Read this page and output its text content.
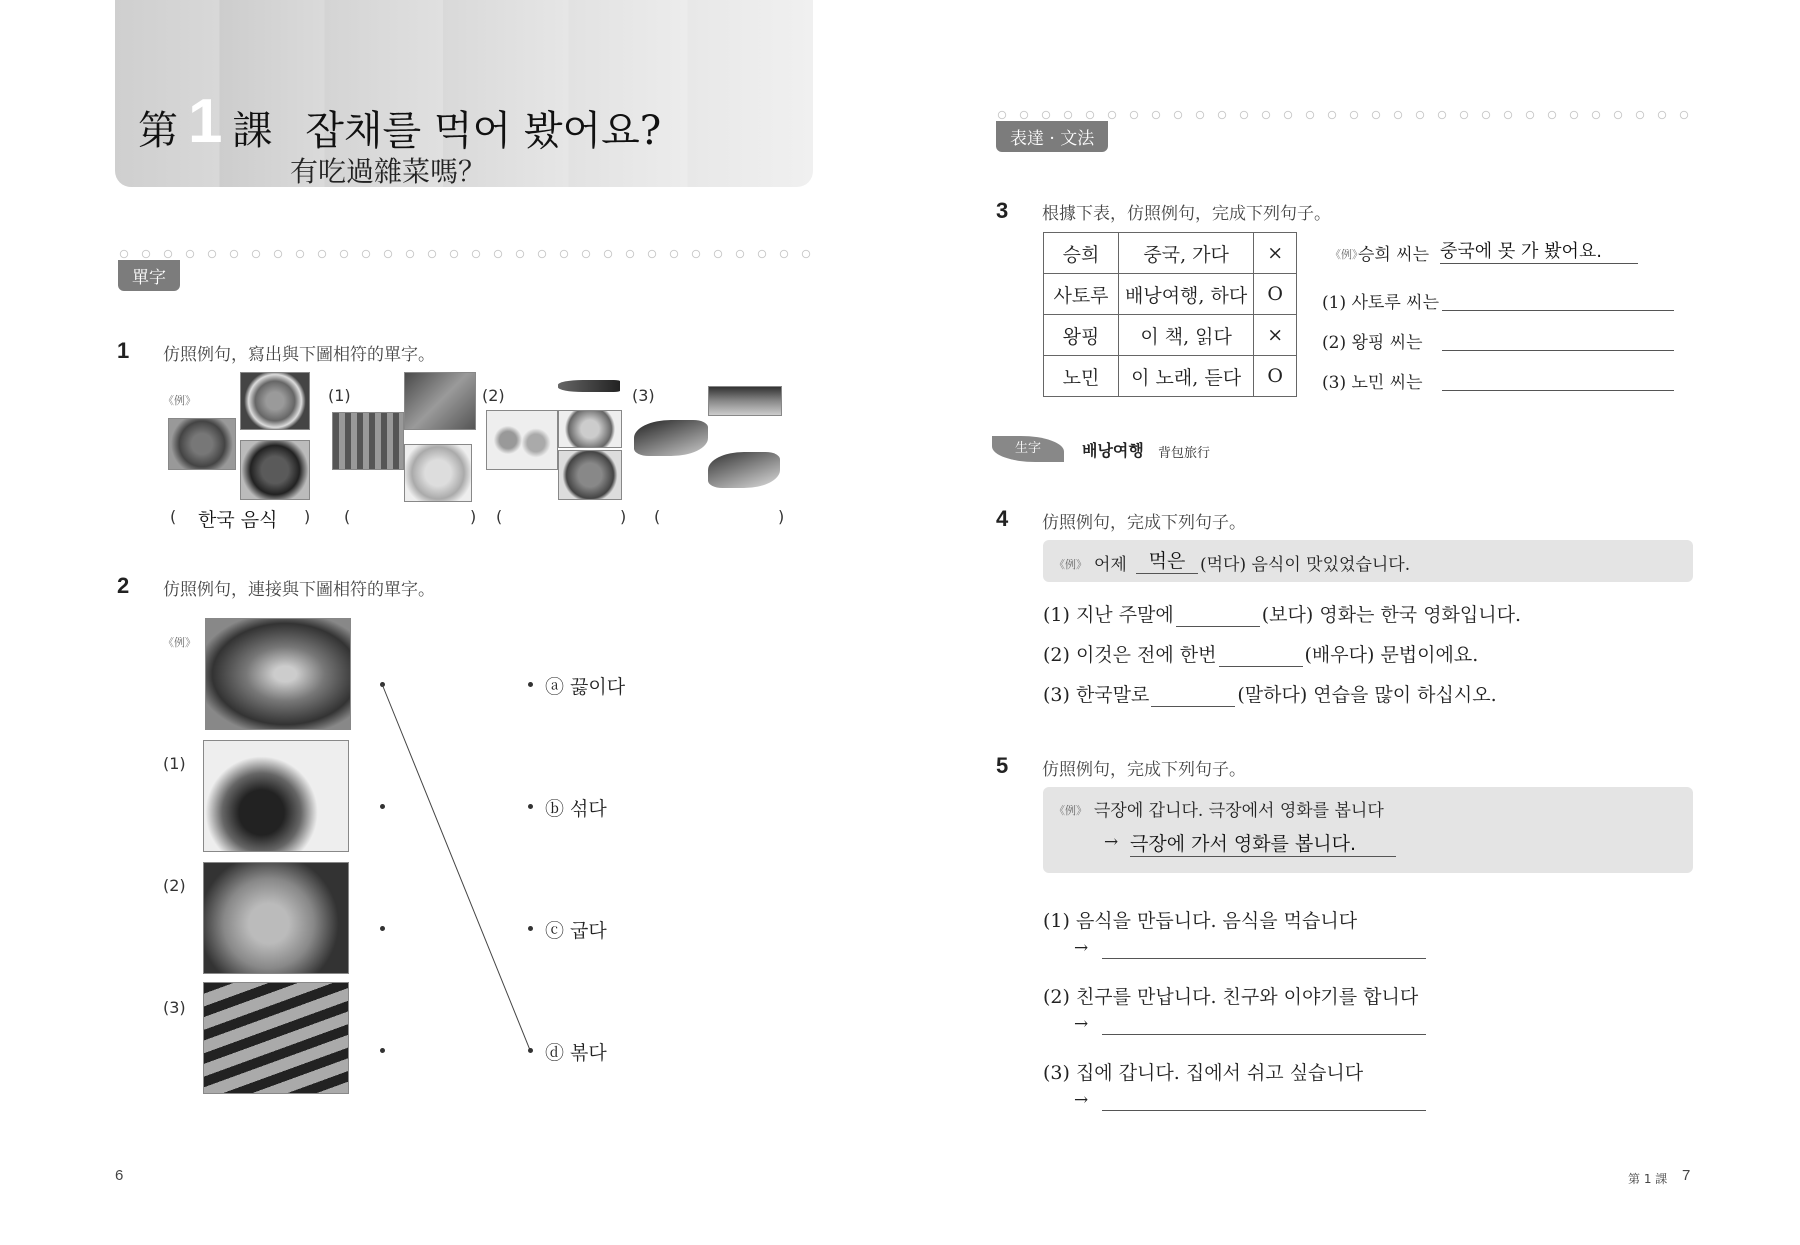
第 1 課 잡채를 먹어 봤어요?
有吃過雜菜嗎？
單字
1 仿照例句，寫出與下圖相符的單字。
《例》	(1)	(2)	(3)
( 한국 음식 ) (	) (	) (	)
2 仿照例句，連接與下圖相符的單字。
《例》
(1)
(2)
(3)
ⓐ 끓이다
ⓑ 섞다
ⓒ 굽다
ⓓ 볶다
6
表達 · 文法
3 根據下表，仿照例句，完成下列句子。
승희	중국, 가다	×
사토루	배낭여행, 하다	O
왕핑	이 책, 읽다	×
노민	이 노래, 듣다	O
《例》
승희 씨는 중국에 못 가 봤어요.
(1) 사토루 씨는
(2) 왕핑 씨는
(3) 노민 씨는
生字	배낭여행 背包旅行
4 仿照例句，完成下列句子。
《例》 어제	먹은 (먹다) 음식이 맛있었습니다.
(1) 지난 주말에	(보다) 영화는 한국 영화입니다.
(2) 이것은 전에 한번	(배우다) 문법이에요.
(3) 한국말로	(말하다) 연습을 많이 하십시오.
5 仿照例句，完成下列句子。
《例》 극장에 갑니다. 극장에서 영화를 봅니다
→ 극장에 가서 영화를 봅니다.
(1) 음식을 만듭니다. 음식을 먹습니다
→
(2) 친구를 만납니다. 친구와 이야기를 합니다
→
(3) 집에 갑니다. 집에서 쉬고 싶습니다
→
第 1 課 7
